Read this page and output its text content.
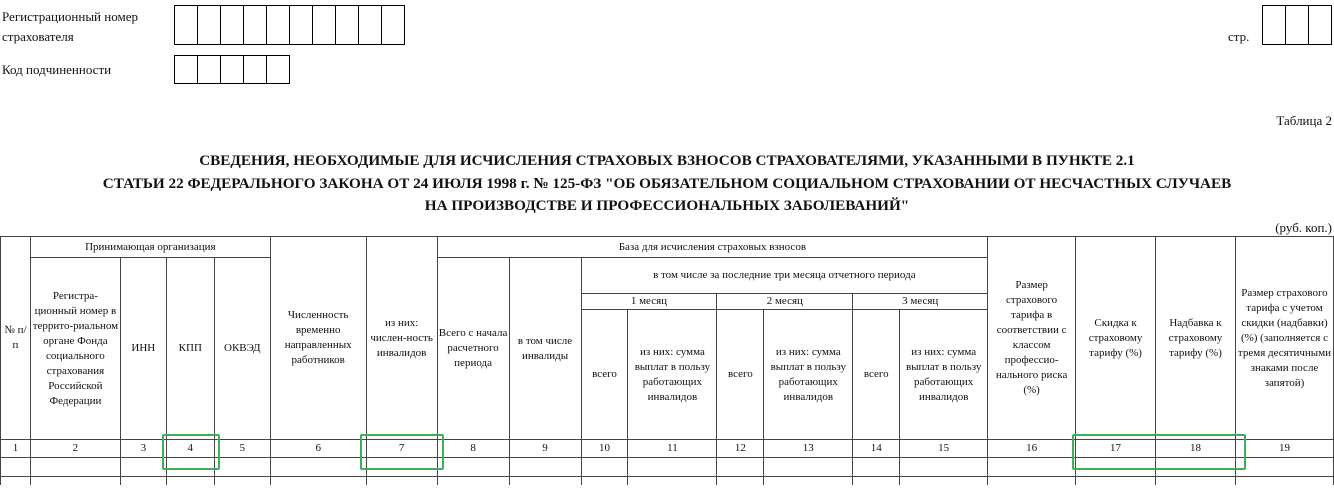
Регистрационный номер
страхователя
Код подчиненности
стр.
Таблица 2
СВЕДЕНИЯ, НЕОБХОДИМЫЕ ДЛЯ ИСЧИСЛЕНИЯ СТРАХОВЫХ ВЗНОСОВ СТРАХОВАТЕЛЯМИ, УКАЗАННЫМИ В ПУНКТЕ 2.1
СТАТЬИ 22 ФЕДЕРАЛЬНОГО ЗАКОНА ОТ 24 ИЮЛЯ 1998 г. № 125-ФЗ "ОБ ОБЯЗАТЕЛЬНОМ СОЦИАЛЬНОМ СТРАХОВАНИИ ОТ НЕСЧАСТНЫХ СЛУЧАЕВ
НА ПРОИЗВОДСТВЕ И ПРОФЕССИОНАЛЬНЫХ ЗАБОЛЕВАНИЙ"
(руб. коп.)
№ п/п	Принимающая организация				Численность временно направленных работников	из них: числен-ность инвалидов	База для исчисления страховых взносов								Размер страхового тарифа в соответствии с классом профессио-нального риска (%)	Скидка к страховому тарифу (%)	Надбавка к страховому тарифу (%)	Размер страхового тарифа с учетом скидки (надбавки) (%) (заполняется с тремя десятичными знаками после запятой)
	Регистра-ционный номер в террито-риальном органе Фонда социального страхования Российской Федерации	ИНН	КПП	ОКВЭД			Всего с начала расчетного периода	в том числе инвалиды	в том числе за последние три месяца отчетного периода									
									1 месяц		2 месяц		3 месяц					
									всего	из них: сумма выплат в пользу работающих инвалидов	всего	из них: сумма выплат в пользу работающих инвалидов	всего	из них: сумма выплат в пользу работающих инвалидов				
1	2	3	4	5	6	7	8	9	10	11	12	13	14	15	16	17	18	19
